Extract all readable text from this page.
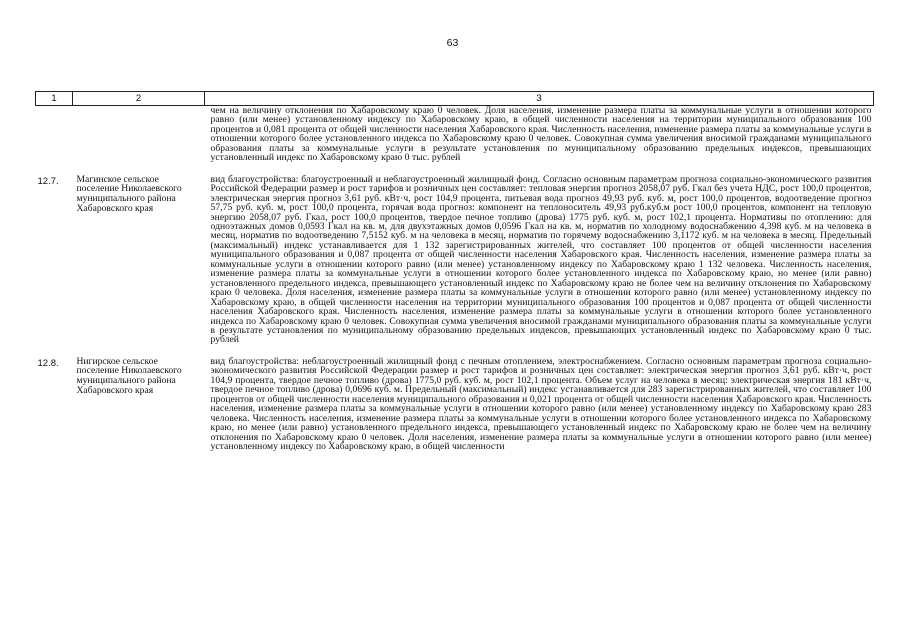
63
1	2	3
		чем на величину отклонения по Хабаровскому краю 0 человек. Доля населения, изменение размера платы за коммунальные услуги в отношении которого равно (или менее) установленному индексу по Хабаровскому краю, в общей численности населения на территории муниципального образования 100 процентов и 0,081 процента от общей численности населения Хабаровского края. Численность населения, изменение размера платы за коммунальные услуги в отношении которого более установленного индекса по Хабаровскому краю 0 человек. Совокупная сумма увеличения вносимой гражданами муниципального образования платы за коммунальные услуги в результате установления по муниципальному образованию предельных индексов, превышающих установленный индекс по Хабаровскому краю 0 тыс. рублей
12.7.	Магинское сельское поселение Николаевского муниципального района Хабаровского края	вид благоустройства: благоустроенный и неблагоустроенный жилищный фонд. Согласно основным параметрам прогноза социально-экономического развития Российской Федерации размер и рост тарифов и розничных цен составляет: тепловая энергия прогноз 2058,07 руб. Гкал без учета НДС, рост 100,0 процентов, электрическая энергия прогноз 3,61 руб. кВт·ч, рост 104,9 процента, питьевая вода прогноз 49,93 руб. куб. м, рост 100,0 процентов, водоотведение прогноз 57,75 руб. куб. м, рост 100,0 процента, горячая вода прогноз: компонент на теплоноситель 49,93 руб.куб.м рост 100,0 процентов, компонент на тепловую энергию 2058,07 руб. Гкал, рост 100,0 процентов, твердое печное топливо (дрова) 1775 руб. куб. м, рост 102,1 процента. Нормативы по отоплению: для одноэтажных домов 0,0593 Гкал на кв. м, для двухэтажных домов 0,0596 Гкал на кв. м, норматив по холодному водоснабжению 4,398 куб. м на человека в месяц, норматив по водоотведению 7,5152 куб. м на человека в месяц, норматив по горячему водоснабжению 3,1172 куб. м на человека в месяц. Предельный (максимальный) индекс устанавливается для 1 132 зарегистрированных жителей, что составляет 100 процентов от общей численности населения муниципального образования и 0,087 процента от общей численности населения Хабаровского края. Численность населения, изменение размера платы за коммунальные услуги в отношении которого равно (или менее) установленному индексу по Хабаровскому краю 1 132 человека. Численность населения, изменение размера платы за коммунальные услуги в отношении которого более установленного индекса по Хабаровскому краю, но менее (или равно) установленного предельного индекса, превышающего установленный индекс по Хабаровскому краю не более чем на величину отклонения по Хабаровскому краю 0 человека. Доля населения, изменение размера платы за коммунальные услуги в отношении которого равно (или менее) установленному индексу по Хабаровскому краю, в общей численности населения на территории муниципального образования 100 процентов и 0,087 процента от общей численности населения Хабаровского края. Численность населения, изменение размера платы за коммунальные услуги в отношении которого более установленного индекса по Хабаровскому краю 0 человек. Совокупная сумма увеличения вносимой гражданами муниципального образования платы за коммунальные услуги в результате установления по муниципальному образованию предельных индексов, превышающих установленный индекс по Хабаровскому краю 0 тыс. рублей
12.8.	Нигирское сельское поселение Николаевского муниципального района Хабаровского края	вид благоустройства: неблагоустроенный жилищный фонд с печным отоплением, электроснабжением. Согласно основным параметрам прогноза социально-экономического развития Российской Федерации размер и рост тарифов и розничных цен составляет: электрическая энергия прогноз 3,61 руб. кВт·ч, рост 104,9 процента, твердое печное топливо (дрова) 1775,0 руб. куб. м, рост 102,1 процента. Объем услуг на человека в месяц: электрическая энергия 181 кВт·ч, твердое печное топливо (дрова) 0,0696 куб. м. Предельный (максимальный) индекс устанавливается для 283 зарегистрированных жителей, что составляет 100 процентов от общей численности населения муниципального образования и 0,021 процента от общей численности населения Хабаровского края. Численность населения, изменение размера платы за коммунальные услуги в отношении которого равно (или менее) установленному индексу по Хабаровскому краю 283 человека. Численность населения, изменение размера платы за коммунальные услуги в отношении которого более установленного индекса по Хабаровскому краю, но менее (или равно) установленного предельного индекса, превышающего установленный индекс по Хабаровскому краю не более чем на величину отклонения по Хабаровскому краю 0 человек. Доля населения, изменение размера платы за коммунальные услуги в отношении которого равно (или менее) установленному индексу по Хабаровскому краю, в общей численности
